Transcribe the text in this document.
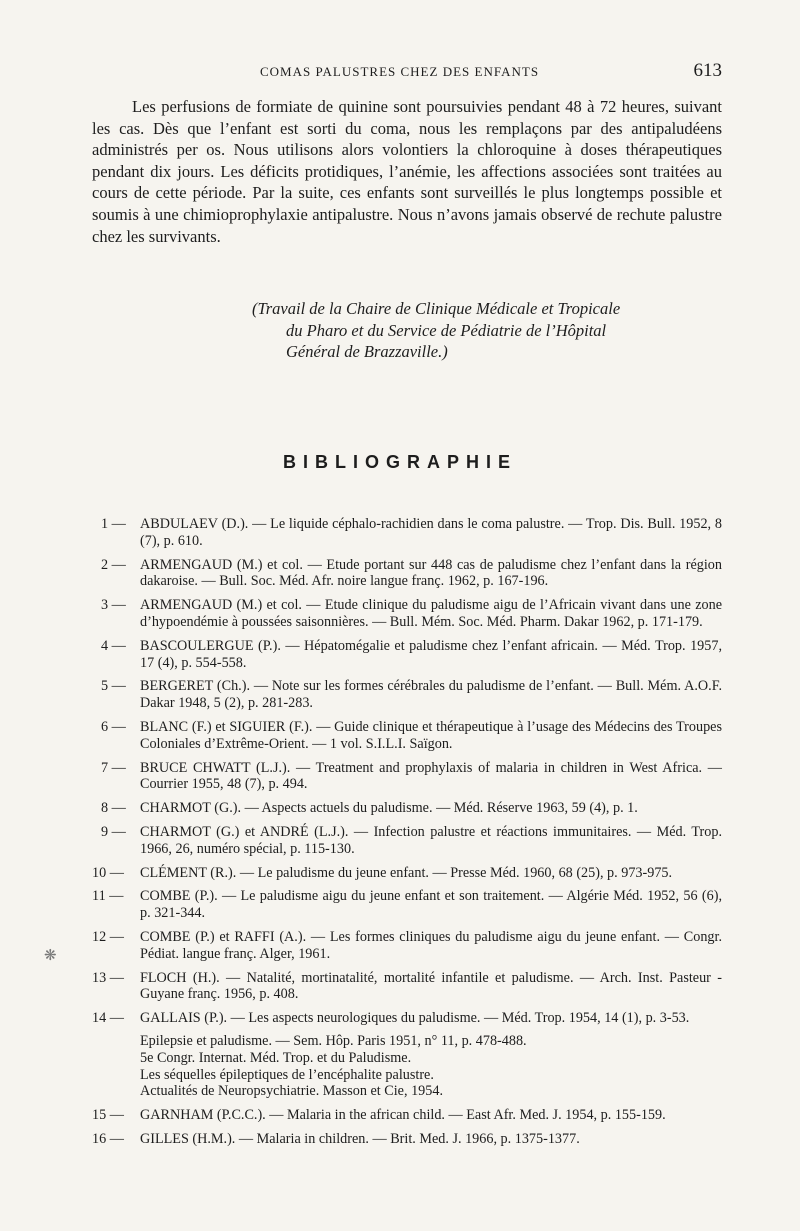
COMAS PALUSTRES CHEZ DES ENFANTS	613

Les perfusions de formiate de quinine sont poursuivies pendant 48 à 72 heures, suivant les cas. Dès que l’enfant est sorti du coma, nous les remplaçons par des antipaludéens administrés per os. Nous utilisons alors volontiers la chloroquine à doses thérapeutiques pendant dix jours. Les déficits protidiques, l’anémie, les affections associées sont traitées au cours de cette période. Par la suite, ces enfants sont surveillés le plus longtemps possible et soumis à une chimioprophylaxie antipalustre. Nous n’avons jamais observé de rechute palustre chez les survivants.

(Travail de la Chaire de Clinique Médicale et Tropicale
du Pharo et du Service de Pédiatrie de l’Hôpital
Général de Brazzaville.)
BIBLIOGRAPHIE
1 — ABDULAEV (D.). — Le liquide céphalo-rachidien dans le coma palustre. — Trop. Dis. Bull. 1952, 8 (7), p. 610.
2 — ARMENGAUD (M.) et col. — Etude portant sur 448 cas de paludisme chez l’enfant dans la région dakaroise. — Bull. Soc. Méd. Afr. noire langue franç. 1962, p. 167-196.
3 — ARMENGAUD (M.) et col. — Etude clinique du paludisme aigu de l’Africain vivant dans une zone d’hypoendémie à poussées saisonnières. — Bull. Mém. Soc. Méd. Pharm. Dakar 1962, p. 171-179.
4 — BASCOULERGUE (P.). — Hépatomégalie et paludisme chez l’enfant africain. — Méd. Trop. 1957, 17 (4), p. 554-558.
5 — BERGERET (Ch.). — Note sur les formes cérébrales du paludisme de l’enfant. — Bull. Mém. A.O.F. Dakar 1948, 5 (2), p. 281-283.
6 — BLANC (F.) et SIGUIER (F.). — Guide clinique et thérapeutique à l’usage des Médecins des Troupes Coloniales d’Extrême-Orient. — 1 vol. S.I.L.I. Saïgon.
7 — BRUCE CHWATT (L.J.). — Treatment and prophylaxis of malaria in children in West Africa. — Courrier 1955, 48 (7), p. 494.
8 — CHARMOT (G.). — Aspects actuels du paludisme. — Méd. Réserve 1963, 59 (4), p. 1.
9 — CHARMOT (G.) et ANDRÉ (L.J.). — Infection palustre et réactions immunitaires. — Méd. Trop. 1966, 26, numéro spécial, p. 115-130.
10 —	CLÉMENT (R.). — Le paludisme du jeune enfant. — Presse Méd. 1960, 68 (25), p. 973-975.
11 —	COMBE (P.). — Le paludisme aigu du jeune enfant et son traitement. — Algérie Méd. 1952, 56 (6), p. 321-344.
12 —	COMBE (P.) et RAFFI (A.). — Les formes cliniques du paludisme aigu du jeune enfant. — Congr. Pédiat. langue franç. Alger, 1961.
13 —	FLOCH (H.). — Natalité, mortinatalité, mortalité infantile et paludisme. — Arch. Inst. Pasteur - Guyane franç. 1956, p. 408.
14 —	GALLAIS (P.). — Les aspects neurologiques du paludisme. — Méd. Trop. 1954, 14 (1), p. 3-53.
Epilepsie et paludisme. — Sem. Hôp. Paris 1951, n° 11, p. 478-488.
5e Congr. Internat. Méd. Trop. et du Paludisme.
Les séquelles épileptiques de l’encéphalite palustre.
Actualités de Neuropsychiatrie. Masson et Cie, 1954.
15 —	GARNHAM (P.C.C.). — Malaria in the african child. — East Afr. Med. J. 1954, p. 155-159.
16 —	GILLES (H.M.). — Malaria in children. — Brit. Med. J. 1966, p. 1375-1377.
❋
